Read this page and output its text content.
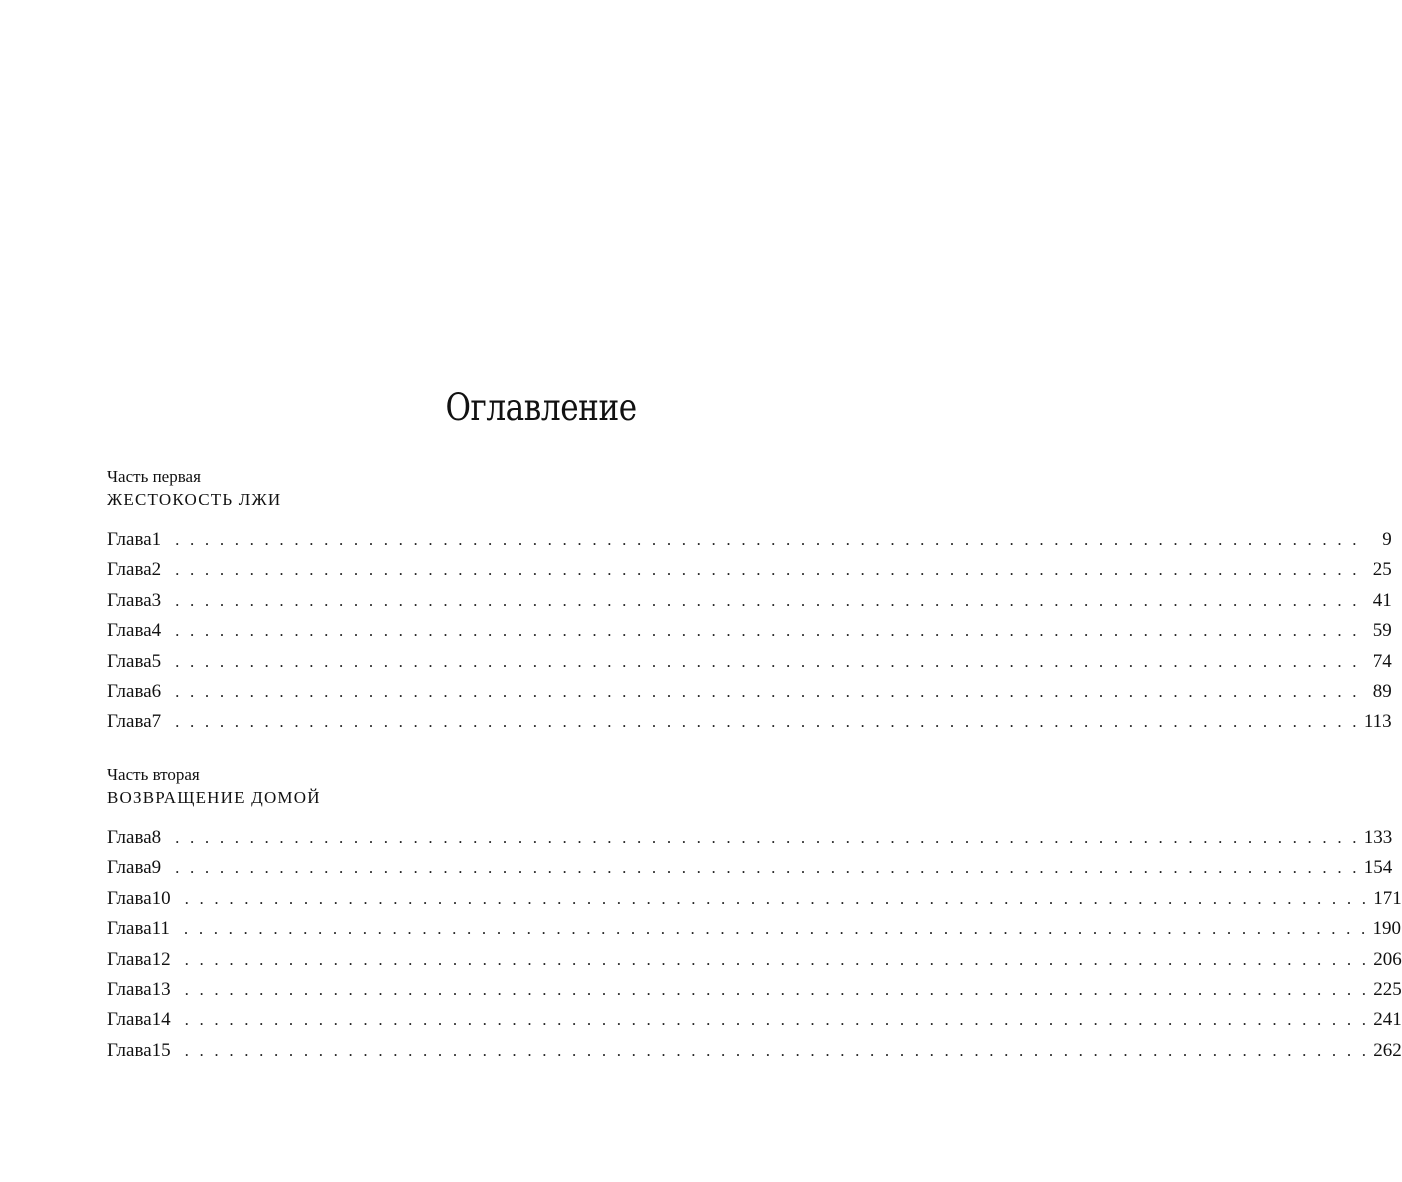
Оглавление

Часть первая

ЖЕСТОКОСТЬ ЛЖИ

Глава 1 . . . . . . . . . . . . . . . . . . . . . . . . . . . . . . . . . . . . . . . . . . . . . . . . . . . . . . . . . . . . . . . . . . . . . . . . . . . . . . . .	9
Глава 2 . . . . . . . . . . . . . . . . . . . . . . . . . . . . . . . . . . . . . . . . . . . . . . . . . . . . . . . . . . . . . . . . . . . . . . . . . . . . . . . . 25
Глава 3 . . . . . . . . . . . . . . . . . . . . . . . . . . . . . . . . . . . . . . . . . . . . . . . . . . . . . . . . . . . . . . . . . . . . . . . . . . . . . . . . 41
Глава 4 . . . . . . . . . . . . . . . . . . . . . . . . . . . . . . . . . . . . . . . . . . . . . . . . . . . . . . . . . . . . . . . . . . . . . . . . . . . . . . . . 59
Глава 5 . . . . . . . . . . . . . . . . . . . . . . . . . . . . . . . . . . . . . . . . . . . . . . . . . . . . . . . . . . . . . . . . . . . . . . . . . . . . . . . . 74
Глава 6 . . . . . . . . . . . . . . . . . . . . . . . . . . . . . . . . . . . . . . . . . . . . . . . . . . . . . . . . . . . . . . . . . . . . . . . . . . . . . . . . 89
Глава 7 . . . . . . . . . . . . . . . . . . . . . . . . . . . . . . . . . . . . . . . . . . . . . . . . . . . . . . . . . . . . . . . . . . . . . . . . . . . . . . . . 113

Часть вторая

ВОЗВРАЩЕНИЕ ДОМОЙ

Глава 8 . . . . . . . . . . . . . . . . . . . . . . . . . . . . . . . . . . . . . . . . . . . . . . . . . . . . . . . . . . . . . . . . . . . . . . . . . . . . . . . . 133
Глава 9 . . . . . . . . . . . . . . . . . . . . . . . . . . . . . . . . . . . . . . . . . . . . . . . . . . . . . . . . . . . . . . . . . . . . . . . . . . . . . . . . 154
Глава 10 . . . . . . . . . . . . . . . . . . . . . . . . . . . . . . . . . . . . . . . . . . . . . . . . . . . . . . . . . . . . . . . . . . . . . . . . . . . . . . . . 171
Глава 11 . . . . . . . . . . . . . . . . . . . . . . . . . . . . . . . . . . . . . . . . . . . . . . . . . . . . . . . . . . . . . . . . . . . . . . . . . . . . . . . . 190
Глава 12 . . . . . . . . . . . . . . . . . . . . . . . . . . . . . . . . . . . . . . . . . . . . . . . . . . . . . . . . . . . . . . . . . . . . . . . . . . . . . . . . 206
Глава 13 . . . . . . . . . . . . . . . . . . . . . . . . . . . . . . . . . . . . . . . . . . . . . . . . . . . . . . . . . . . . . . . . . . . . . . . . . . . . . . . . 225
Глава 14 . . . . . . . . . . . . . . . . . . . . . . . . . . . . . . . . . . . . . . . . . . . . . . . . . . . . . . . . . . . . . . . . . . . . . . . . . . . . . . . . 241
Глава 15 . . . . . . . . . . . . . . . . . . . . . . . . . . . . . . . . . . . . . . . . . . . . . . . . . . . . . . . . . . . . . . . . . . . . . . . . . . . . . . . . 262
